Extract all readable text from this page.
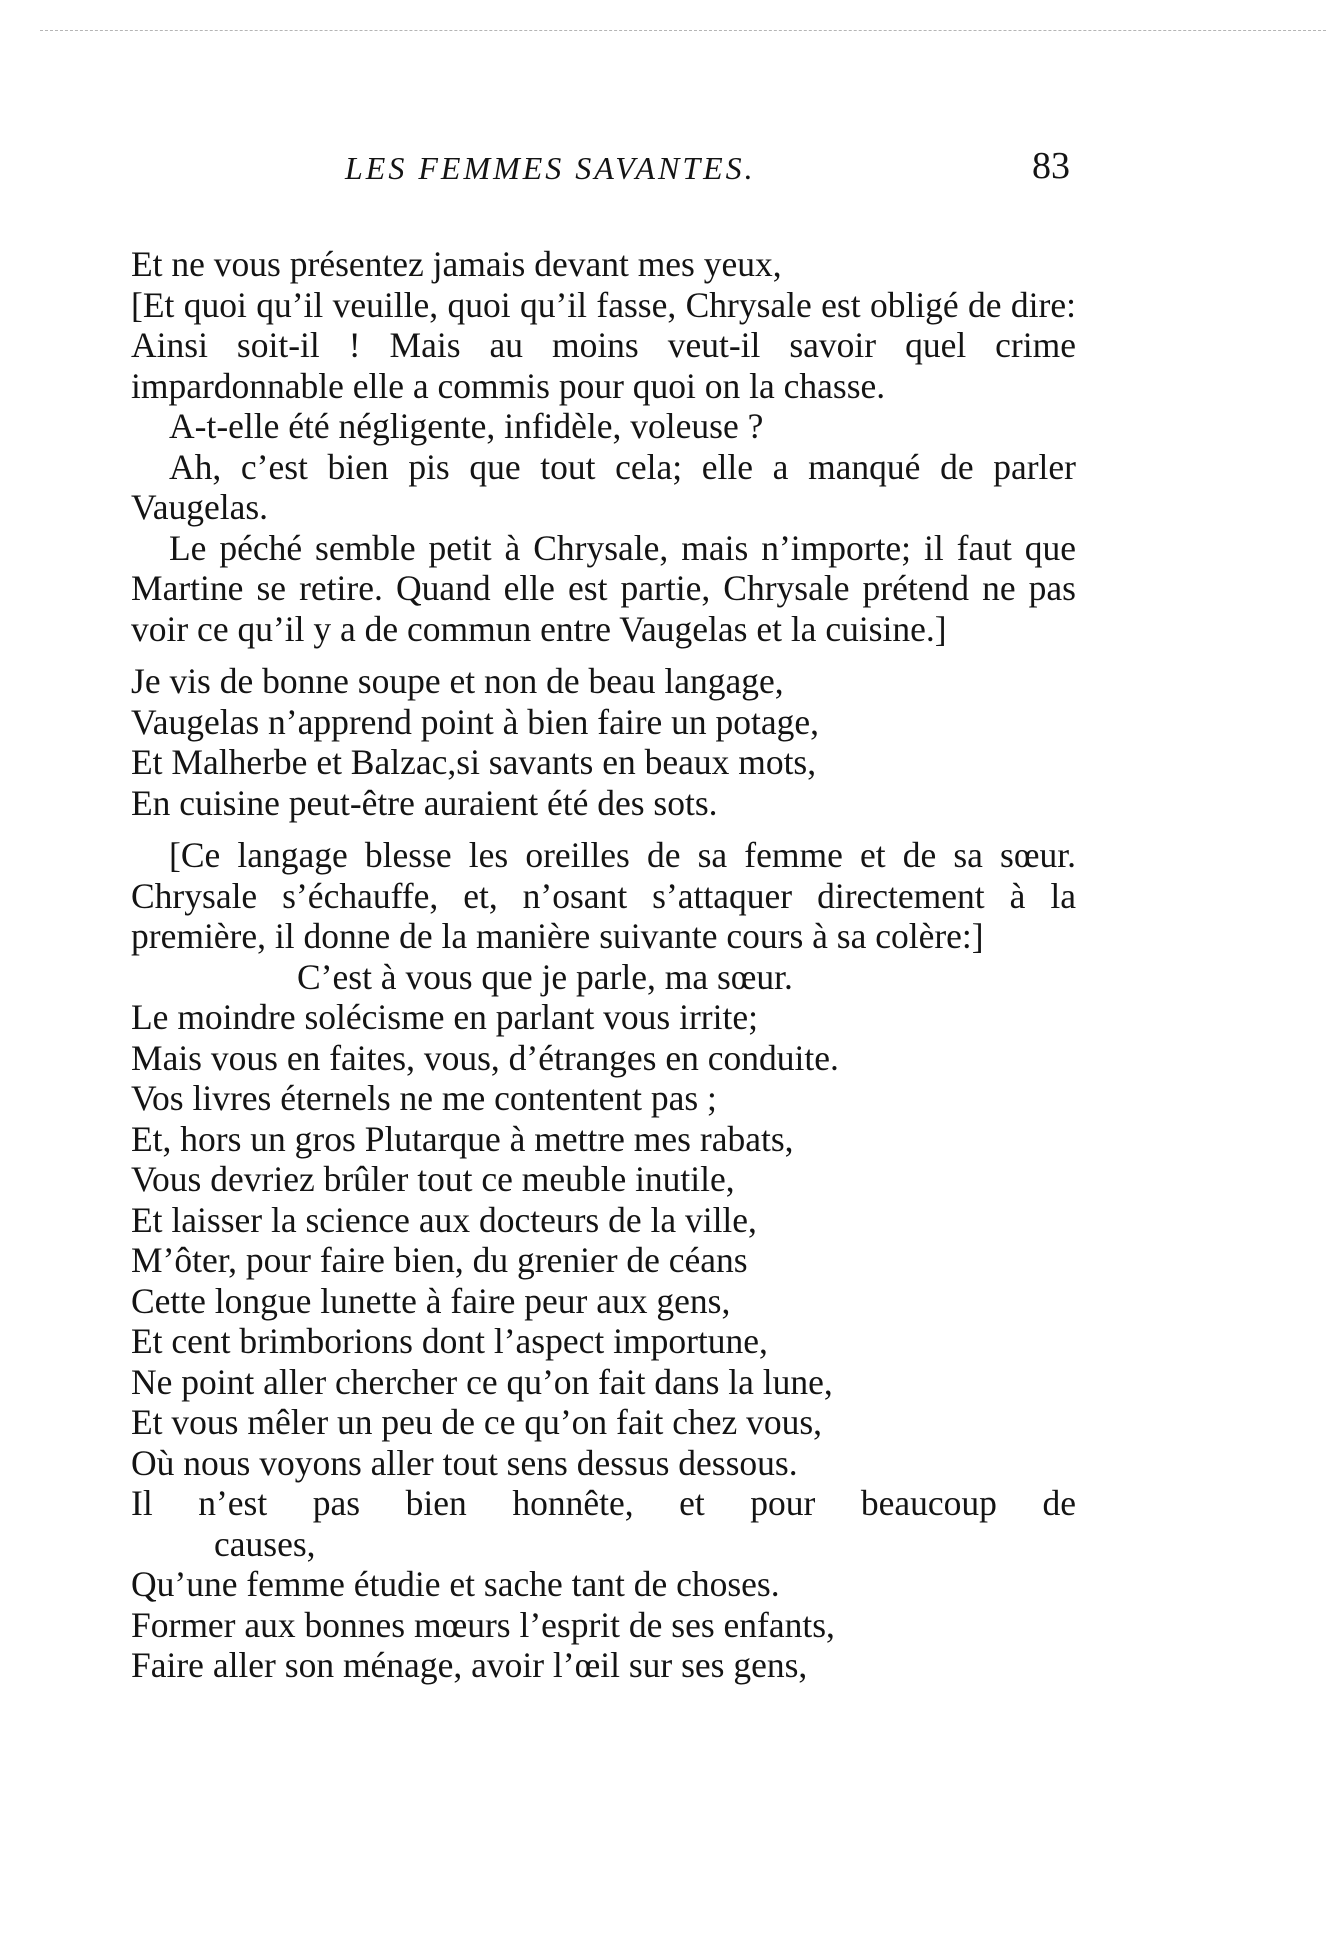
LES FEMMES SAVANTES.	83
Et ne vous présentez jamais devant mes yeux,
[Et quoi qu’il veuille, quoi qu’il fasse, Chrysale est obligé de dire: Ainsi soit-il ! Mais au moins veut-il savoir quel crime impardonnable elle a commis pour quoi on la chasse.
A-t-elle été négligente, infidèle, voleuse ?
Ah, c’est bien pis que tout cela; elle a manqué de parler Vaugelas.
Le péché semble petit à Chrysale, mais n’importe; il faut que Martine se retire. Quand elle est partie, Chrysale prétend ne pas voir ce qu’il y a de commun entre Vaugelas et la cuisine.]
Je vis de bonne soupe et non de beau langage,
Vaugelas n’apprend point à bien faire un potage,
Et Malherbe et Balzac,si savants en beaux mots,
En cuisine peut-être auraient été des sots.
[Ce langage blesse les oreilles de sa femme et de sa sœur. Chrysale s’échauffe, et, n’osant s’attaquer directement à la première, il donne de la manière suivante cours à sa colère:]
C’est à vous que je parle, ma sœur.
Le moindre solécisme en parlant vous irrite;
Mais vous en faites, vous, d’étranges en conduite.
Vos livres éternels ne me contentent pas ;
Et, hors un gros Plutarque à mettre mes rabats,
Vous devriez brûler tout ce meuble inutile,
Et laisser la science aux docteurs de la ville,
M’ôter, pour faire bien, du grenier de céans
Cette longue lunette à faire peur aux gens,
Et cent brimborions dont l’aspect importune,
Ne point aller chercher ce qu’on fait dans la lune,
Et vous mêler un peu de ce qu’on fait chez vous,
Où nous voyons aller tout sens dessus dessous.
Il n’est pas bien honnête, et pour beaucoup de
causes,
Qu’une femme étudie et sache tant de choses.
Former aux bonnes mœurs l’esprit de ses enfants,
Faire aller son ménage, avoir l’œil sur ses gens,
